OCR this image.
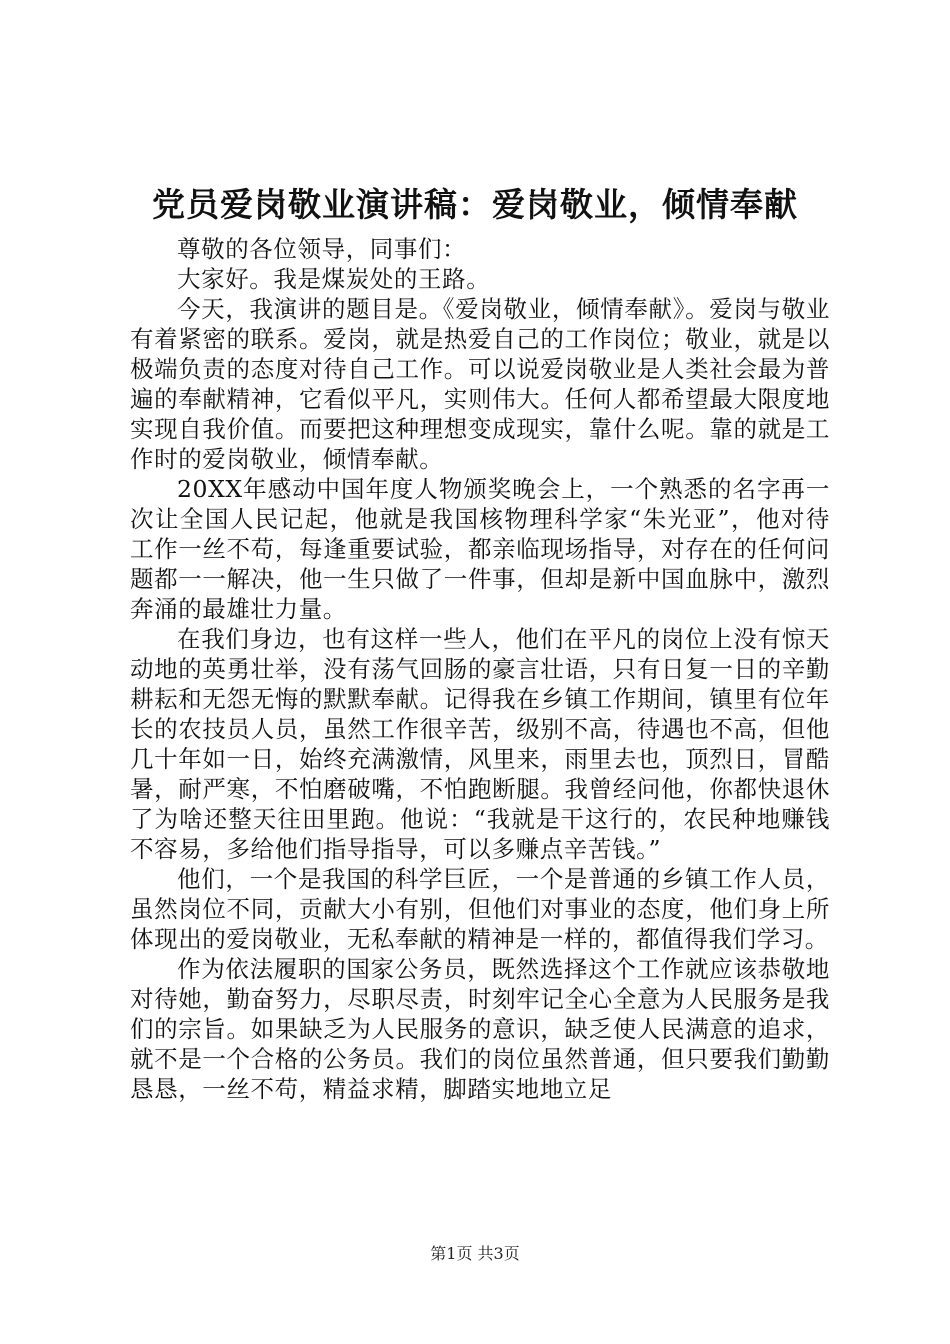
党员爱岗敬业演讲稿：爱岗敬业，倾情奉献

尊敬的各位领导，同事们：

大家好。我是煤炭处的王路。

今天，我演讲的题目是。《爱岗敬业，倾情奉献》。爱岗与敬业有着紧密的联系。爱岗，就是热爱自己的工作岗位；敬业，就是以极端负责的态度对待自己工作。可以说爱岗敬业是人类社会最为普遍的奉献精神，它看似平凡，实则伟大。任何人都希望最大限度地实现自我价值。而要把这种理想变成现实，靠什么呢。靠的就是工作时的爱岗敬业，倾情奉献。

20XX年感动中国年度人物颁奖晚会上，一个熟悉的名字再一次让全国人民记起，他就是我国核物理科学家“朱光亚”，他对待工作一丝不苟，每逢重要试验，都亲临现场指导，对存在的任何问题都一一解决，他一生只做了一件事，但却是新中国血脉中，激烈奔涌的最雄壮力量。

在我们身边，也有这样一些人，他们在平凡的岗位上没有惊天动地的英勇壮举，没有荡气回肠的豪言壮语，只有日复一日的辛勤耕耘和无怨无悔的默默奉献。记得我在乡镇工作期间，镇里有位年长的农技员人员，虽然工作很辛苦，级别不高，待遇也不高，但他几十年如一日，始终充满激情，风里来，雨里去也，顶烈日，冒酷暑，耐严寒，不怕磨破嘴，不怕跑断腿。我曾经问他，你都快退休了为啥还整天往田里跑。他说：“我就是干这行的，农民种地赚钱不容易，多给他们指导指导，可以多赚点辛苦钱。”

他们，一个是我国的科学巨匠，一个是普通的乡镇工作人员，虽然岗位不同，贡献大小有别，但他们对事业的态度，他们身上所体现出的爱岗敬业，无私奉献的精神是一样的，都值得我们学习。

作为依法履职的国家公务员，既然选择这个工作就应该恭敬地对待她，勤奋努力，尽职尽责，时刻牢记全心全意为人民服务是我们的宗旨。如果缺乏为人民服务的意识，缺乏使人民满意的追求，就不是一个合格的公务员。我们的岗位虽然普通，但只要我们勤勤恳恳，一丝不苟，精益求精，脚踏实地地立足

第1页 共3页
